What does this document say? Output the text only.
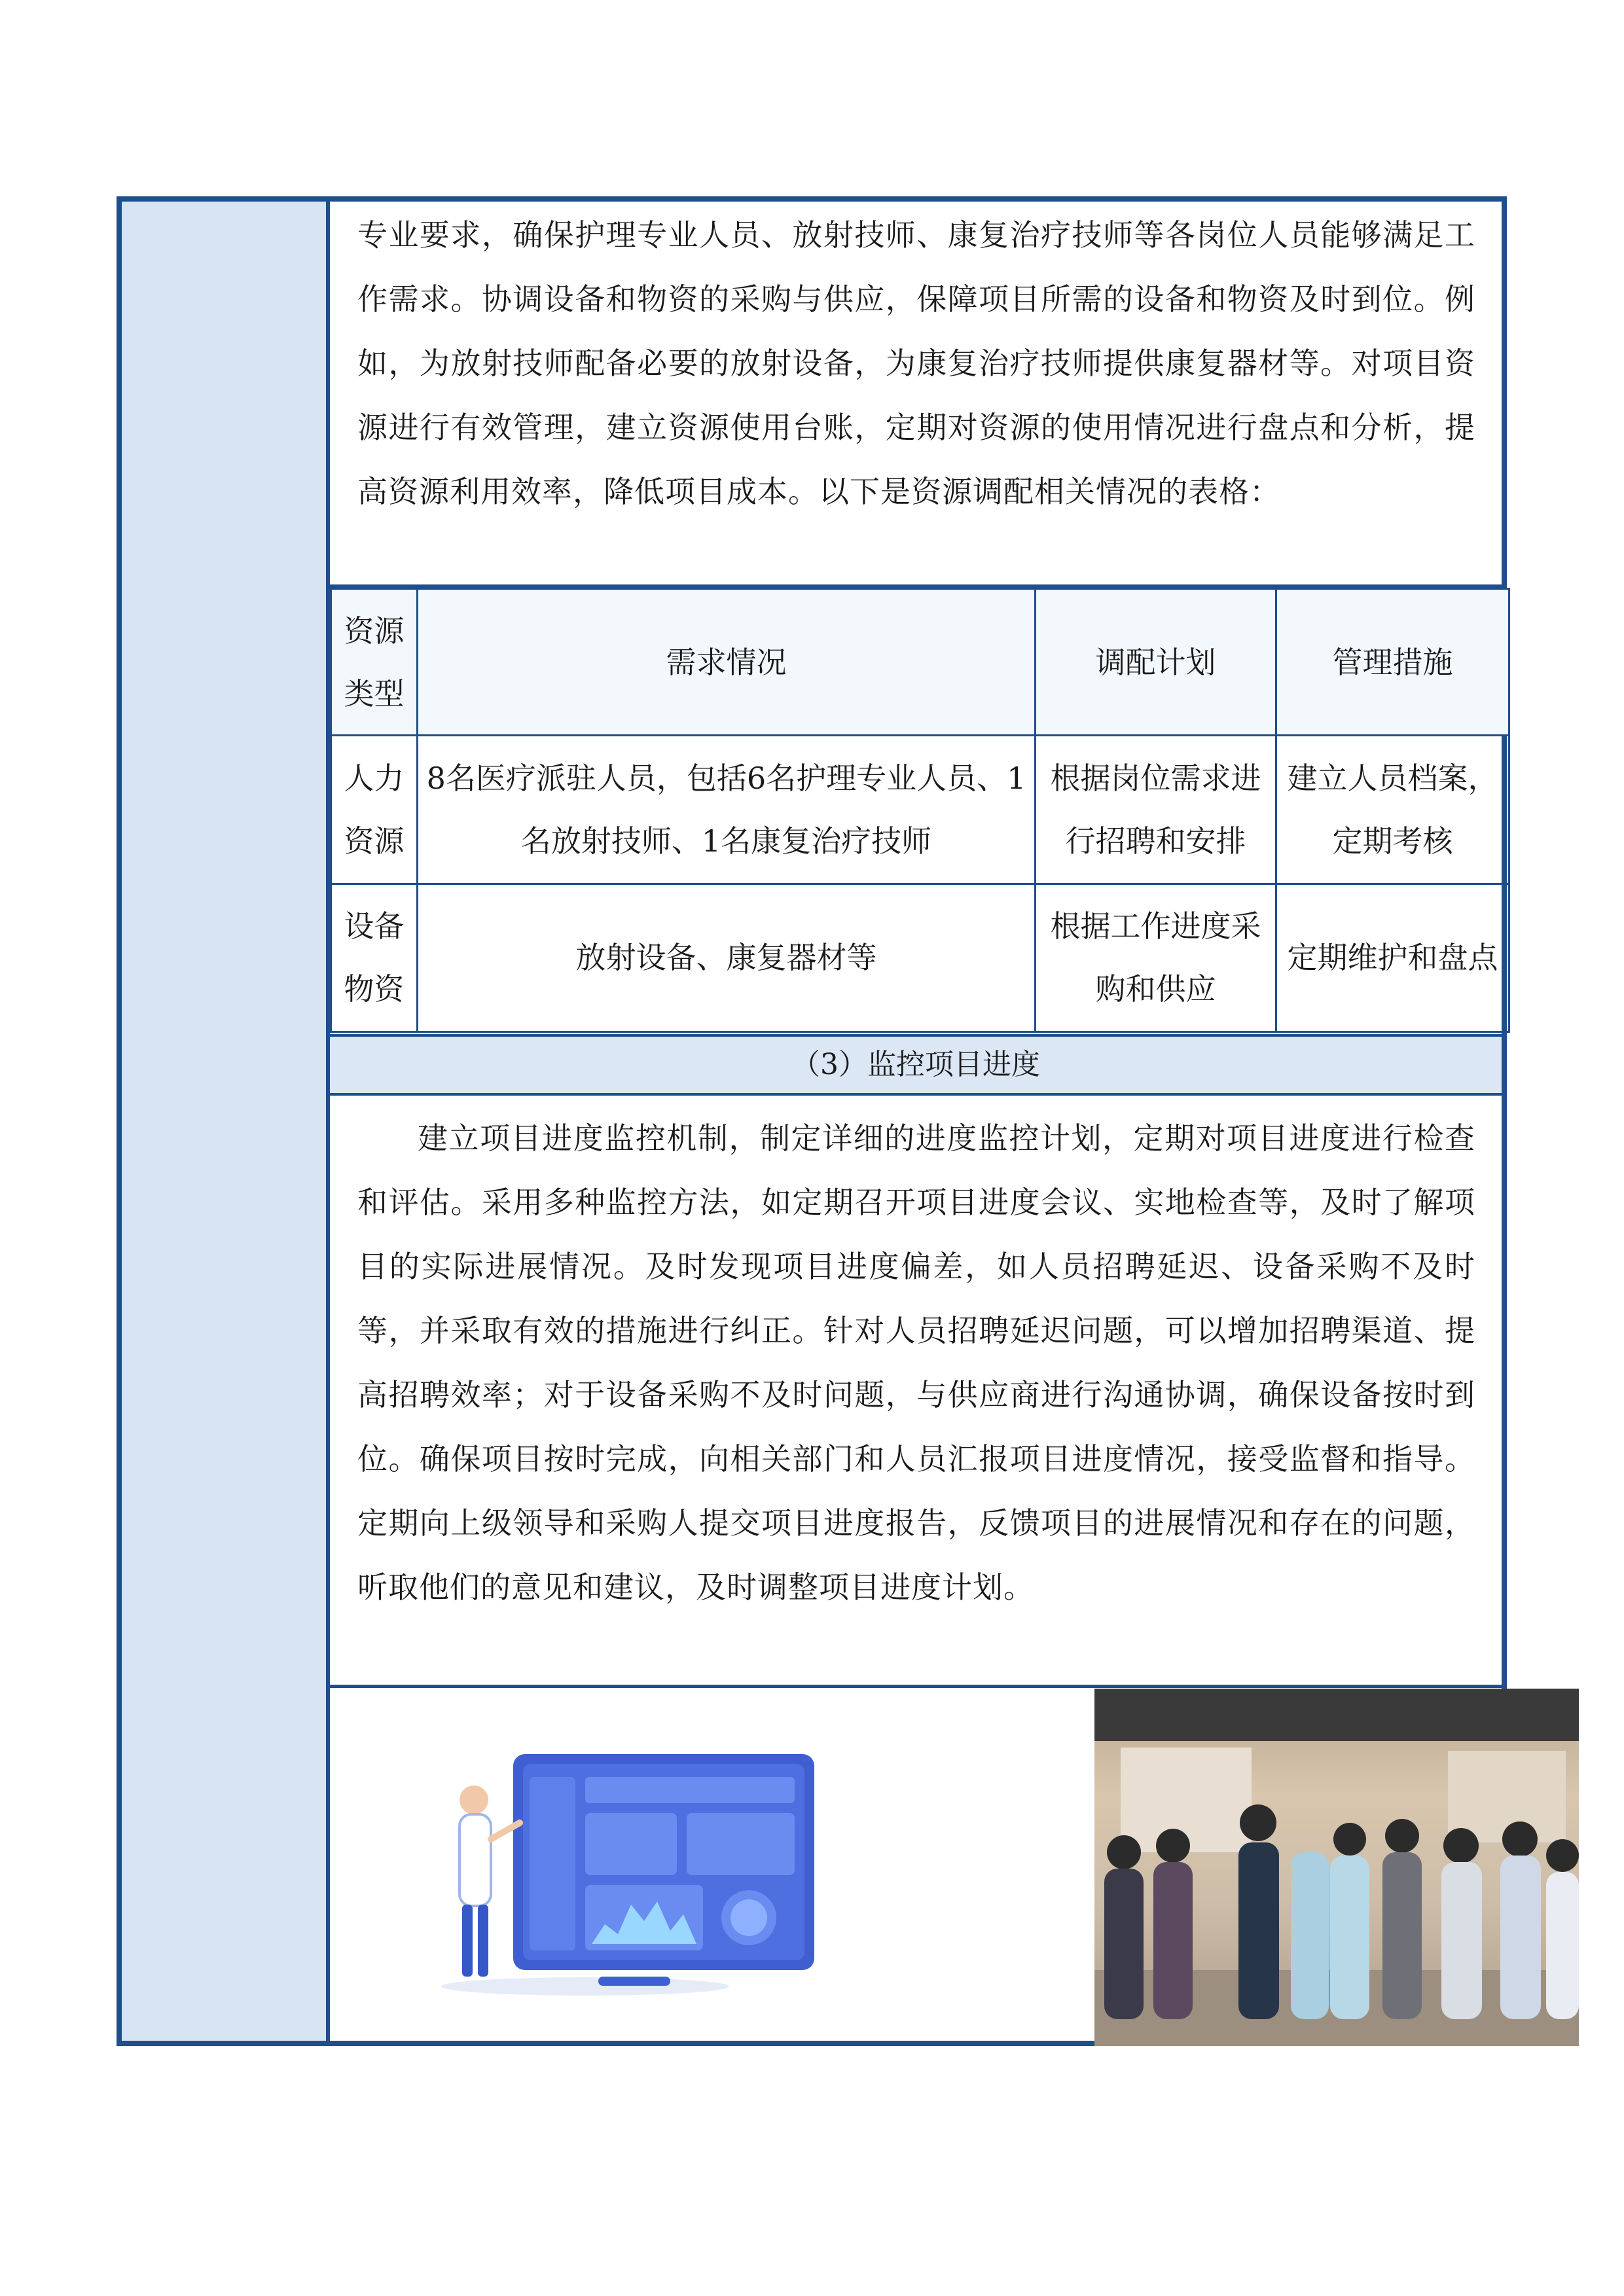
专业要求，确保护理专业人员、放射技师、康复治疗技师等各岗位人员能够满足工作需求。协调设备和物资的采购与供应，保障项目所需的设备和物资及时到位。例如，为放射技师配备必要的放射设备，为康复治疗技师提供康复器材等。对项目资源进行有效管理，建立资源使用台账，定期对资源的使用情况进行盘点和分析，提高资源利用效率，降低项目成本。以下是资源调配相关情况的表格：

资源类型	需求情况	调配计划	管理措施
人力资源	8名医疗派驻人员，包括6名护理专业人员、1名放射技师、1名康复治疗技师	根据岗位需求进行招聘和安排	建立人员档案，定期考核
设备物资	放射设备、康复器材等	根据工作进度采购和供应	定期维护和盘点
（3）监控项目进度

建立项目进度监控机制，制定详细的进度监控计划，定期对项目进度进行检查和评估。采用多种监控方法，如定期召开项目进度会议、实地检查等，及时了解项目的实际进展情况。及时发现项目进度偏差，如人员招聘延迟、设备采购不及时等，并采取有效的措施进行纠正。针对人员招聘延迟问题，可以增加招聘渠道、提高招聘效率；对于设备采购不及时问题，与供应商进行沟通协调，确保设备按时到位。确保项目按时完成，向相关部门和人员汇报项目进度情况，接受监督和指导。定期向上级领导和采购人提交项目进度报告，反馈项目的进展情况和存在的问题，听取他们的意见和建议，及时调整项目进度计划。
